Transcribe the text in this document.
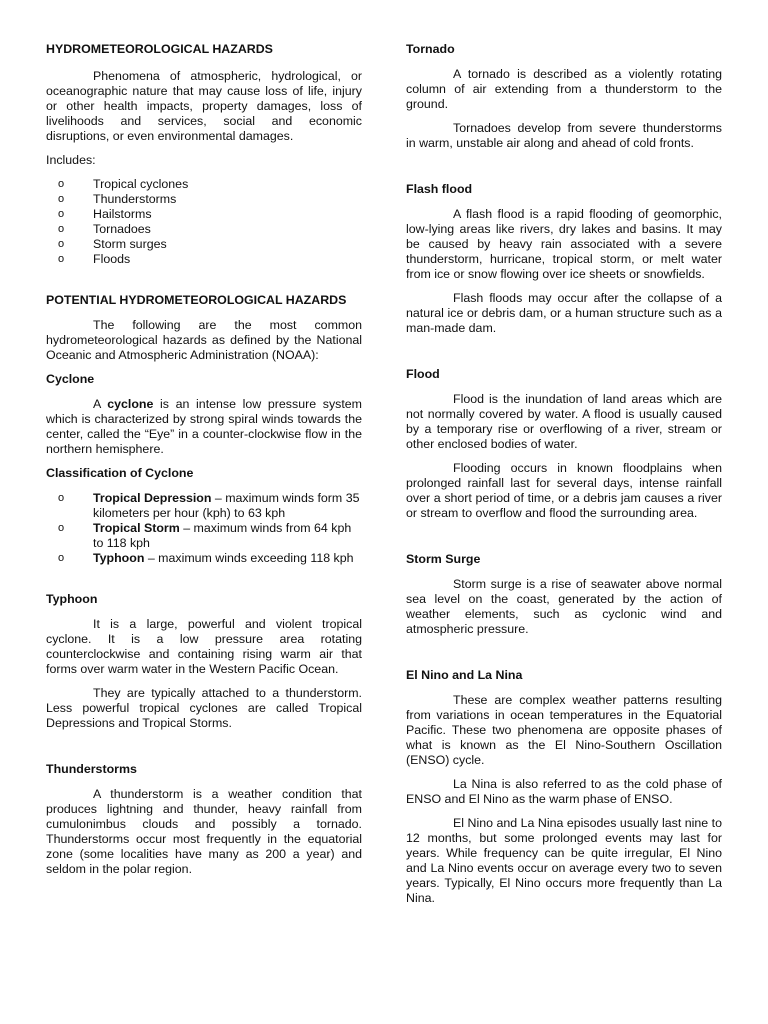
HYDROMETEOROLOGICAL HAZARDS

Phenomena of atmospheric, hydrological, or oceanographic nature that may cause loss of life, injury or other health impacts, property damages, loss of livelihoods and services, social and economic disruptions, or even environmental damages.

Includes:

o Tropical cyclones
o Thunderstorms
o Hailstorms
o Tornadoes
o Storm surges
o Floods
POTENTIAL HYDROMETEOROLOGICAL HAZARDS

The following are the most common hydrometeorological hazards as defined by the National Oceanic and Atmospheric Administration (NOAA):

Cyclone

A cyclone is an intense low pressure system which is characterized by strong spiral winds towards the center, called the “Eye” in a counter-clockwise flow in the northern hemisphere.

Classification of Cyclone
o Tropical Depression – maximum winds form 35 kilometers per hour (kph) to 63 kph
o Tropical Storm – maximum winds from 64 kph to 118 kph
o Typhoon – maximum winds exceeding 118 kph
Typhoon

It is a large, powerful and violent tropical cyclone. It is a low pressure area rotating counterclockwise and containing rising warm air that forms over warm water in the Western Pacific Ocean.

They are typically attached to a thunderstorm. Less powerful tropical cyclones are called Tropical Depressions and Tropical Storms.

Thunderstorms

A thunderstorm is a weather condition that produces lightning and thunder, heavy rainfall from cumulonimbus clouds and possibly a tornado. Thunderstorms occur most frequently in the equatorial zone (some localities have many as 200 a year) and seldom in the polar region.

Tornado

A tornado is described as a violently rotating column of air extending from a thunderstorm to the ground.

Tornadoes develop from severe thunderstorms in warm, unstable air along and ahead of cold fronts.

Flash flood

A flash flood is a rapid flooding of geomorphic, low-lying areas like rivers, dry lakes and basins. It may be caused by heavy rain associated with a severe thunderstorm, hurricane, tropical storm, or melt water from ice or snow flowing over ice sheets or snowfields.

Flash floods may occur after the collapse of a natural ice or debris dam, or a human structure such as a man-made dam.

Flood

Flood is the inundation of land areas which are not normally covered by water. A flood is usually caused by a temporary rise or overflowing of a river, stream or other enclosed bodies of water.

Flooding occurs in known floodplains when prolonged rainfall last for several days, intense rainfall over a short period of time, or a debris jam causes a river or stream to overflow and flood the surrounding area.

Storm Surge

Storm surge is a rise of seawater above normal sea level on the coast, generated by the action of weather elements, such as cyclonic wind and atmospheric pressure.

El Nino and La Nina

These are complex weather patterns resulting from variations in ocean temperatures in the Equatorial Pacific. These two phenomena are opposite phases of what is known as the El Nino-Southern Oscillation (ENSO) cycle.

La Nina is also referred to as the cold phase of ENSO and El Nino as the warm phase of ENSO.

El Nino and La Nina episodes usually last nine to 12 months, but some prolonged events may last for years. While frequency can be quite irregular, El Nino and La Nino events occur on average every two to seven years. Typically, El Nino occurs more frequently than La Nina.
